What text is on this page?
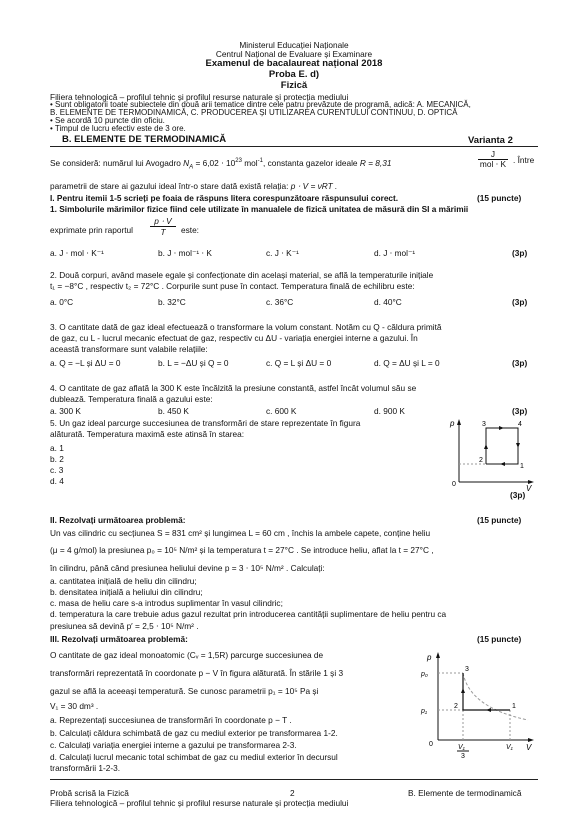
Ministerul Educației Naționale
Centrul Național de Evaluare și Examinare
Examenul de bacalaureat național 2018
Proba E. d)
Fizică
Filiera tehnologică – profilul tehnic și profilul resurse naturale și protecția mediului
• Sunt obligatorii toate subiectele din două arii tematice dintre cele patru prevăzute de programă, adică: A. MECANICĂ,
B. ELEMENTE DE TERMODINAMICĂ, C. PRODUCEREA ȘI UTILIZAREA CURENTULUI CONTINUU, D. OPTICĂ
• Se acordă 10 puncte din oficiu.
• Timpul de lucru efectiv este de 3 ore.
B. ELEMENTE DE TERMODINAMICĂ	Varianta 2
Se consideră: numărul lui Avogadro $N_A = 6,02 \cdot 10^{23}$ mol$^{-1}$, constanta gazelor ideale R = 8,31
J
mol ⋅ K . Între
parametrii de stare ai gazului ideal într-o stare dată există relația: p ⋅ V = νRT .
I. Pentru itemii 1-5 scrieți pe foaia de răspuns litera corespunzătoare răspunsului corect.	(15 puncte)
1. Simbolurile mărimilor fizice fiind cele utilizate în manualele de fizică unitatea de măsură din SI a mărimii
exprimate prin raportul $\frac{p \cdot V}{T}$ este:
a. J ⋅ mol ⋅ K⁻¹	b. J ⋅ mol⁻¹ ⋅ K	c. J ⋅ K⁻¹	d. J ⋅ mol⁻¹	(3p)
2. Două corpuri, având masele egale și confecționate din același material, se află la temperaturile inițiale
t₁ = −8°C , respectiv t₂ = 72°C . Corpurile sunt puse în contact. Temperatura finală de echilibru este:
a. 0°C	b. 32°C	c. 36°C	d. 40°C	(3p)
3. O cantitate dată de gaz ideal efectuează o transformare la volum constant. Notăm cu Q - căldura primită
de gaz, cu L - lucrul mecanic efectuat de gaz, respectiv cu ΔU - variația energiei interne a gazului. În
această transformare sunt valabile relațiile:
a. Q = −L și ΔU = 0	b. L = −ΔU și Q = 0	c. Q = L și ΔU = 0	d. Q = ΔU și L = 0	(3p)
4. O cantitate de gaz aflată la 300 K este încălzită la presiune constantă, astfel încât volumul său se
dublează. Temperatura finală a gazului este:
a. 300 K	b. 450 K	c. 600 K	d. 900 K	(3p)
5. Un gaz ideal parcurge succesiunea de transformări de stare reprezentate în figura
alăturată. Temperatura maximă este atinsă în starea:
a. 1
b. 2
c. 3
d. 4
(3p)
p
V
0
1
2
3	4
II. Rezolvați următoarea problemă:	(15 puncte)
Un vas cilindric cu secțiunea S = 831 cm² și lungimea L = 60 cm , închis la ambele capete, conține heliu
(μ = 4 g/mol) la presiunea p₀ = 10⁵ N/m² și la temperatura t = 27°C . Se introduce heliu, aflat la t = 27°C ,
în cilindru, până când presiunea heliului devine p = 3 ⋅ 10⁵ N/m² . Calculați:
a. cantitatea inițială de heliu din cilindru;
b. densitatea inițială a heliului din cilindru;
c. masa de heliu care s-a introdus suplimentar în vasul cilindric;
d. temperatura la care trebuie adus gazul rezultat prin introducerea cantității suplimentare de heliu pentru ca
presiunea să devină p′ = 2,5 ⋅ 10⁵ N/m² .
III. Rezolvați următoarea problemă:	(15 puncte)
O cantitate de gaz ideal monoatomic (Cᵥ = 1,5R) parcurge succesiunea de
transformări reprezentată în coordonate p − V în figura alăturată. În stările 1 și 3
gazul se află la aceeași temperatură. Se cunosc parametrii p₁ = 10⁵ Pa și
V₁ = 30 dm³ .
a. Reprezentați succesiunea de transformări în coordonate p − T .
b. Calculați căldura schimbată de gaz cu mediul exterior pe transformarea 1-2.
c. Calculați variația energiei interne a gazului pe transformarea 2-3.
d. Calculați lucrul mecanic total schimbat de gaz cu mediul exterior în decursul
transformării 1-2-3.
p
V
0
p₀
p₁
1
2
3
V₁
3
V₁
Probă scrisă la Fizică	2	B. Elemente de termodinamică
Filiera tehnologică – profilul tehnic și profilul resurse naturale și protecția mediului
